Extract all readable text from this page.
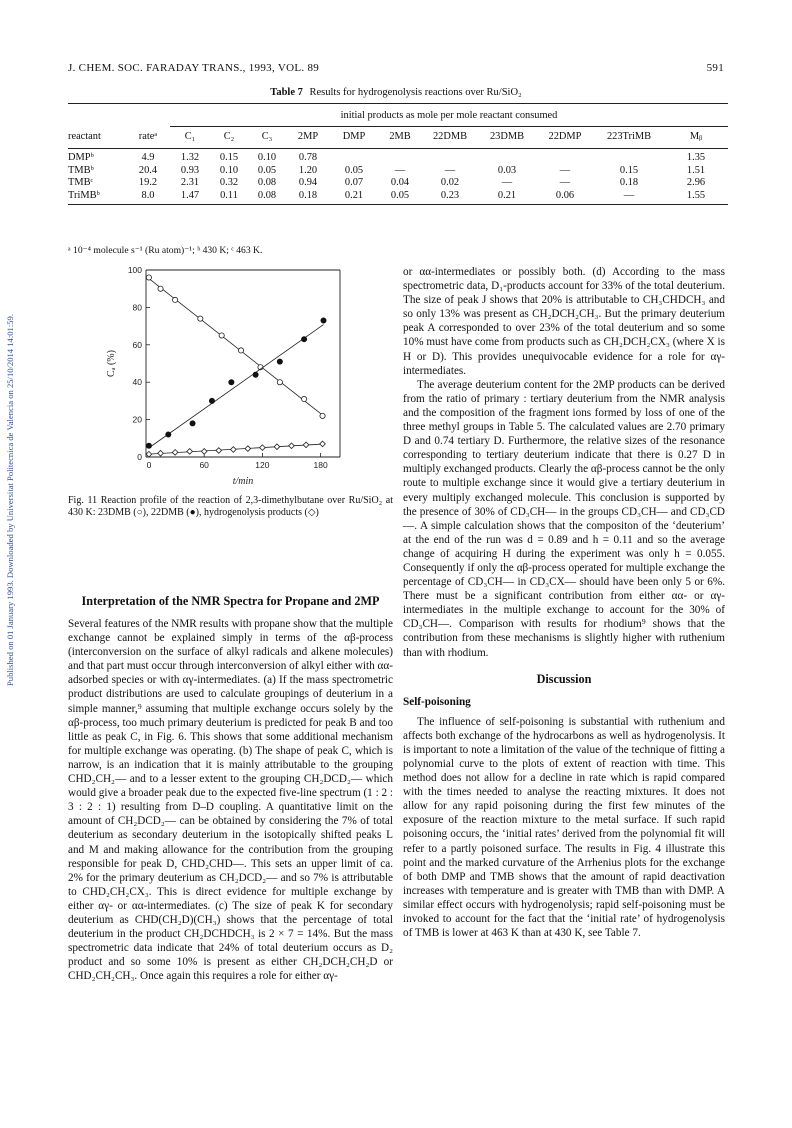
J. CHEM. SOC. FARADAY TRANS., 1993, VOL. 89	591
Published on 01 January 1993. Downloaded by Universitat Politecnica de Valencia on 25/10/2014 14:01:59.
Table 7 Results for hydrogenolysis reactions over Ru/SiO₂
		initial products as mole per mole reactant consumed										
reactant	rateᵃ	C₁	C₂	C₃	2MP	DMP	2MB	22DMB	23DMB	22DMP	223TriMB	Mᵦ
DMPᵇ	4.9	1.32	0.15	0.10	0.78							1.35
TMBᵇ	20.4	0.93	0.10	0.05	1.20	0.05	—	—	0.03	—	0.15	1.51
TMBᶜ	19.2	2.31	0.32	0.08	0.94	0.07	0.04	0.02	—	—	0.18	2.96
TriMBᵇ	8.0	1.47	0.11	0.08	0.18	0.21	0.05	0.23	0.21	0.06	—	1.55
ᵃ 10⁻⁴ molecule s⁻¹ (Ru atom)⁻¹; ᵇ 430 K; ᶜ 463 K.
0
20
40
60
80
100
0	60	120	180
t/min
Cₐ (%)
Fig. 11 Reaction profile of the reaction of 2,3-dimethylbutane over Ru/SiO₂ at 430 K: 23DMB (○), 22DMB (●), hydrogenolysis products (◇)

Interpretation of the NMR Spectra for Propane and 2MP

Several features of the NMR results with propane show that the multiple exchange cannot be explained simply in terms of the αβ-process (interconversion on the surface of alkyl radicals and alkene molecules) and that part must occur through interconversion of alkyl either with αα-adsorbed species or with αγ-intermediates. (a) If the mass spectrometric product distributions are used to calculate groupings of deuterium in a simple manner,⁹ assuming that multiple exchange occurs solely by the αβ-process, too much primary deuterium is predicted for peak B and too little as peak C, in Fig. 6. This shows that some additional mechanism for multiple exchange was operating. (b) The shape of peak C, which is narrow, is an indication that it is mainly attributable to the grouping CHD₂CH₂— and to a lesser extent to the grouping CH₂DCD₂— which would give a broader peak due to the expected five-line spectrum (1 : 2 : 3 : 2 : 1) resulting from D–D coupling. A quantitative limit on the amount of CH₂DCD₂— can be obtained by considering the 7% of total deuterium as secondary deuterium in the isotopically shifted peaks L and M and making allowance for the contribution from the grouping responsible for peak D, CHD₂CHD—. This sets an upper limit of ca. 2% for the primary deuterium as CH₂DCD₂— and so 7% is attributable to CHD₂CH₂CX₃. This is direct evidence for multiple exchange by either αγ- or αα-intermediates. (c) The size of peak K for secondary deuterium as CHD(CH₂D)(CH₃) shows that the percentage of total deuterium in the product CH₂DCHDCH₃ is 2 × 7 = 14%. But the mass spectrometric data indicate that 24% of total deuterium occurs as D₂ product and so some 10% is present as either CH₂DCH₂CH₂D or CHD₂CH₂CH₃. Once again this requires a role for either αγ-

or αα-intermediates or possibly both. (d) According to the mass spectrometric data, D₁-products account for 33% of the total deuterium. The size of peak J shows that 20% is attributable to CH₃CHDCH₃ and so only 13% was present as CH₂DCH₂CH₃. But the primary deuterium peak A corresponded to over 23% of the total deuterium and so some 10% must have come from products such as CH₂DCH₂CX₃ (where X is H or D). This provides unequivocable evidence for a role for αγ-intermediates.

The average deuterium content for the 2MP products can be derived from the ratio of primary : tertiary deuterium from the NMR analysis and the composition of the fragment ions formed by loss of one of the three methyl groups in Table 5. The calculated values are 2.70 primary D and 0.74 tertiary D. Furthermore, the relative sizes of the resonance corresponding to tertiary deuterium indicate that there is 0.27 D in multiply exchanged products. Clearly the αβ-process cannot be the only route to multiple exchange since it would give a tertiary deuterium in every multiply exchanged molecule. This conclusion is supported by the presence of 30% of CD₃CH— in the groups CD₃CH— and CD₃CD—. A simple calculation shows that the compositon of the ‘deuterium’ at the end of the run was d = 0.89 and h = 0.11 and so the average change of acquiring H during the experiment was only h = 0.055. Consequently if only the αβ-process operated for multiple exchange the percentage of CD₃CH— in CD₃CX— should have been only 5 or 6%. There must be a significant contribution from either αα- or αγ-intermediates in the multiple exchange to account for the 30% of CD₃CH—. Comparison with results for rhodium⁹ shows that the contribution from these mechanisms is slightly higher with ruthenium than with rhodium.

Discussion

Self-poisoning

The influence of self-poisoning is substantial with ruthenium and affects both exchange of the hydrocarbons as well as hydrogenolysis. It is important to note a limitation of the value of the technique of fitting a polynomial curve to the plots of extent of reaction with time. This method does not allow for a decline in rate which is rapid compared with the times needed to analyse the reacting mixtures. It does not allow for any rapid poisoning during the first few minutes of the exposure of the reaction mixture to the metal surface. If such rapid poisoning occurs, the ‘initial rates’ derived from the polynomial fit will refer to a partly poisoned surface. The results in Fig. 4 illustrate this point and the marked curvature of the Arrhenius plots for the exchange of both DMP and TMB shows that the amount of rapid deactivation increases with temperature and is greater with TMB than with DMP. A similar effect occurs with hydrogenolysis; rapid self-poisoning must be invoked to account for the fact that the ‘initial rate’ of hydrogenolysis of TMB is lower at 463 K than at 430 K, see Table 7.
